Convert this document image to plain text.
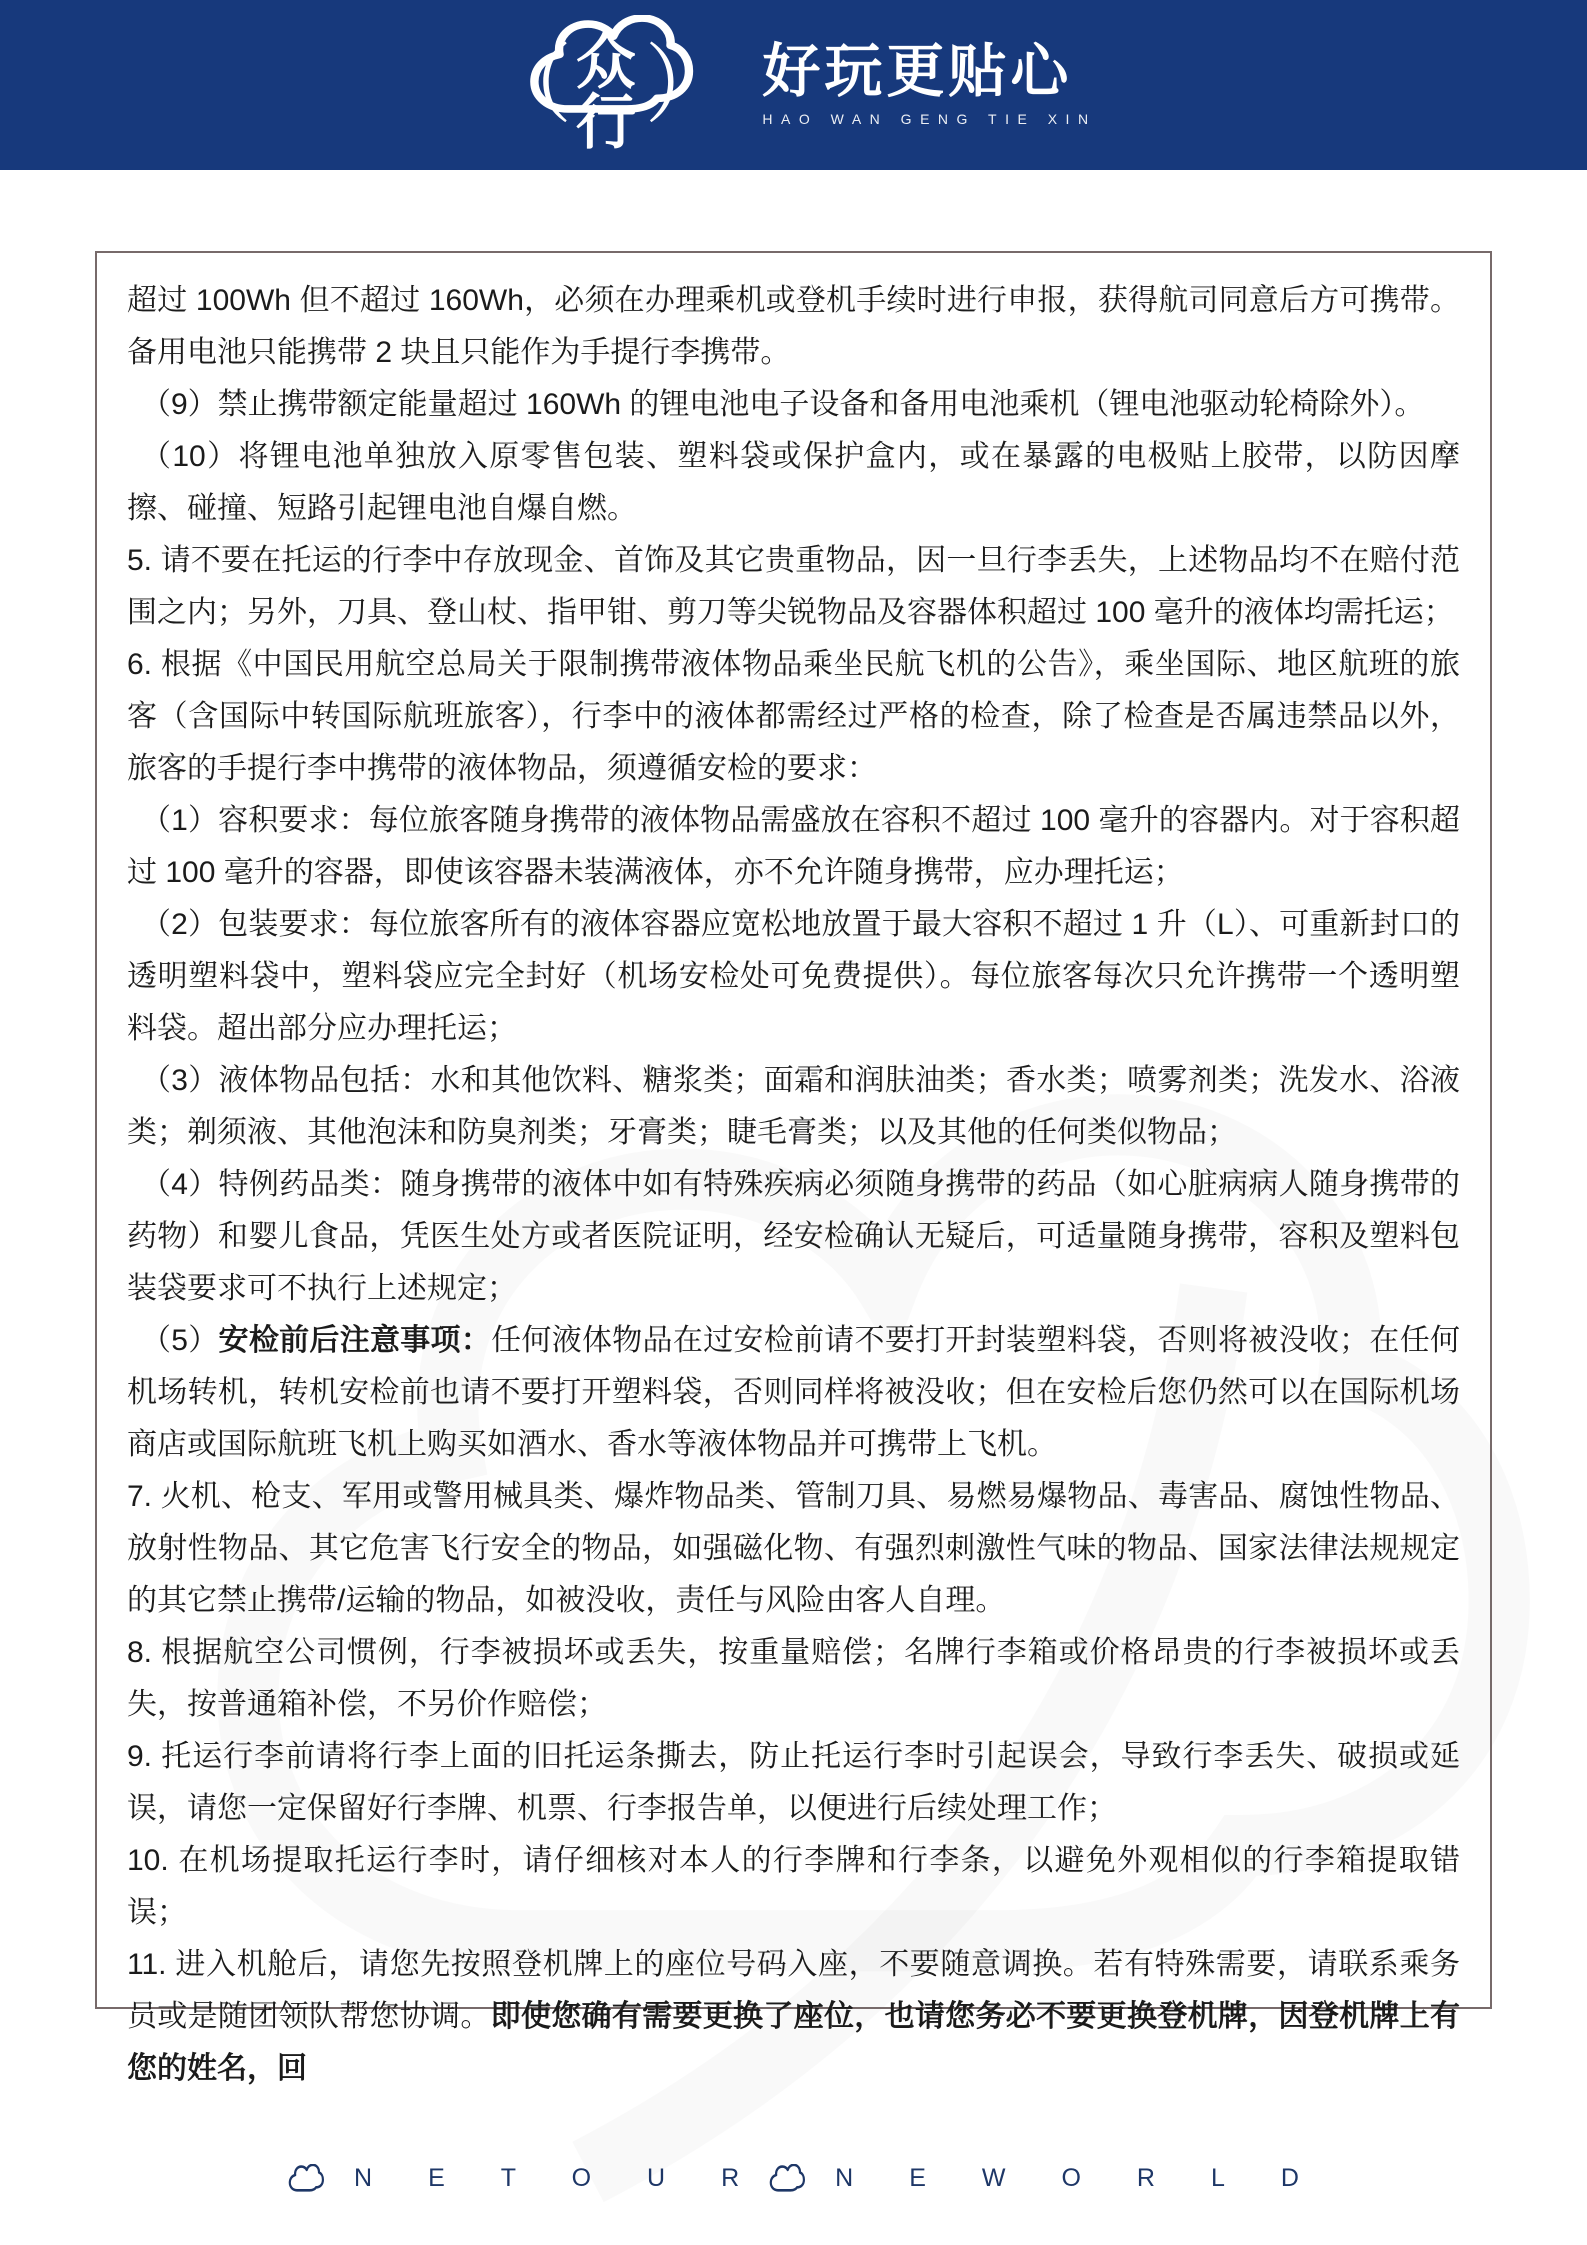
（ 众行 ） 好玩更贴心
HAO WAN GENG TIE XIN

超过 100Wh 但不超过 160Wh，必须在办理乘机或登机手续时进行申报，获得航司同意后方可携带。备用电池只能携带 2 块且只能作为手提行李携带。

（9）禁止携带额定能量超过 160Wh 的锂电池电子设备和备用电池乘机（锂电池驱动轮椅除外）。

（10）将锂电池单独放入原零售包装、塑料袋或保护盒内，或在暴露的电极贴上胶带，以防因摩擦、碰撞、短路引起锂电池自爆自燃。

5. 请不要在托运的行李中存放现金、首饰及其它贵重物品，因一旦行李丢失，上述物品均不在赔付范围之内；另外，刀具、登山杖、指甲钳、剪刀等尖锐物品及容器体积超过 100 毫升的液体均需托运；

6. 根据《中国民用航空总局关于限制携带液体物品乘坐民航飞机的公告》，乘坐国际、地区航班的旅客（含国际中转国际航班旅客），行李中的液体都需经过严格的检查，除了检查是否属违禁品以外，旅客的手提行李中携带的液体物品，须遵循安检的要求：

（1）容积要求：每位旅客随身携带的液体物品需盛放在容积不超过 100 毫升的容器内。对于容积超过 100 毫升的容器，即使该容器未装满液体，亦不允许随身携带，应办理托运；

（2）包装要求：每位旅客所有的液体容器应宽松地放置于最大容积不超过 1 升（L）、可重新封口的透明塑料袋中，塑料袋应完全封好（机场安检处可免费提供）。每位旅客每次只允许携带一个透明塑料袋。超出部分应办理托运；

（3）液体物品包括：水和其他饮料、糖浆类；面霜和润肤油类；香水类；喷雾剂类；洗发水、浴液类；剃须液、其他泡沫和防臭剂类；牙膏类；睫毛膏类；以及其他的任何类似物品；

（4）特例药品类：随身携带的液体中如有特殊疾病必须随身携带的药品（如心脏病病人随身携带的药物）和婴儿食品，凭医生处方或者医院证明，经安检确认无疑后，可适量随身携带，容积及塑料包装袋要求可不执行上述规定；

（5）安检前后注意事项：任何液体物品在过安检前请不要打开封装塑料袋，否则将被没收；在任何机场转机，转机安检前也请不要打开塑料袋，否则同样将被没收；但在安检后您仍然可以在国际机场商店或国际航班飞机上购买如酒水、香水等液体物品并可携带上飞机。

7. 火机、枪支、军用或警用械具类、爆炸物品类、管制刀具、易燃易爆物品、毒害品、腐蚀性物品、放射性物品、其它危害飞行安全的物品，如强磁化物、有强烈刺激性气味的物品、国家法律法规规定的其它禁止携带/运输的物品，如被没收，责任与风险由客人自理。

8. 根据航空公司惯例，行李被损坏或丢失，按重量赔偿；名牌行李箱或价格昂贵的行李被损坏或丢失，按普通箱补偿，不另价作赔偿；

9. 托运行李前请将行李上面的旧托运条撕去，防止托运行李时引起误会，导致行李丢失、破损或延误，请您一定保留好行李牌、机票、行李报告单，以便进行后续处理工作；

10. 在机场提取托运行李时，请仔细核对本人的行李牌和行李条，以避免外观相似的行李箱提取错误；

11. 进入机舱后，请您先按照登机牌上的座位号码入座，不要随意调换。若有特殊需要，请联系乘务员或是随团领队帮您协调。即使您确有需要更换了座位，也请您务必不要更换登机牌，因登机牌上有您的姓名，回

NETOUR NEWORLD
